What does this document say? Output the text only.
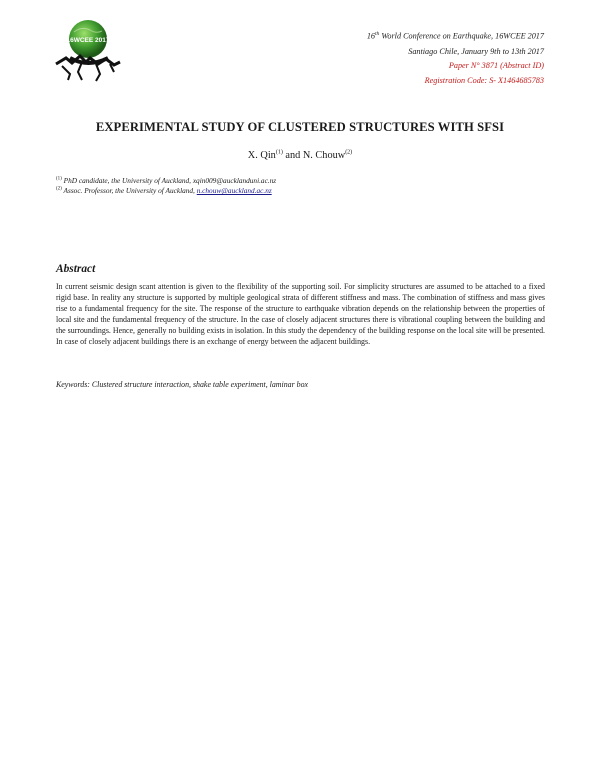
16WCEE 2017	16th World Conference on Earthquake, 16WCEE 2017
Santiago Chile, January 9th to 13th 2017
Paper N° 3871 (Abstract ID)
Registration Code: S- X1464685783
EXPERIMENTAL STUDY OF CLUSTERED STRUCTURES WITH SFSI
X. Qin$^{(1)}$ and N. Chouw$^{(2)}$
$^{(1)}$ PhD candidate, the University of Auckland, xqin009@aucklanduni.ac.nz
$^{(2)}$ Assoc. Professor, the University of Auckland, n.chouw@auckland.ac.nz
Abstract
In current seismic design scant attention is given to the flexibility of the supporting soil. For simplicity structures are assumed to be attached to a fixed rigid base. In reality any structure is supported by multiple geological strata of different stiffness and mass. The combination of stiffness and mass gives rise to a fundamental frequency for the site. The response of the structure to earthquake vibration depends on the relationship between the properties of local site and the fundamental frequency of the structure. In the case of closely adjacent structures there is vibrational coupling between the building and the surroundings. Hence, generally no building exists in isolation. In this study the dependency of the building response on the local site will be presented. In case of closely adjacent buildings there is an exchange of energy between the adjacent buildings.
Keywords: Clustered structure interaction, shake table experiment, laminar box
